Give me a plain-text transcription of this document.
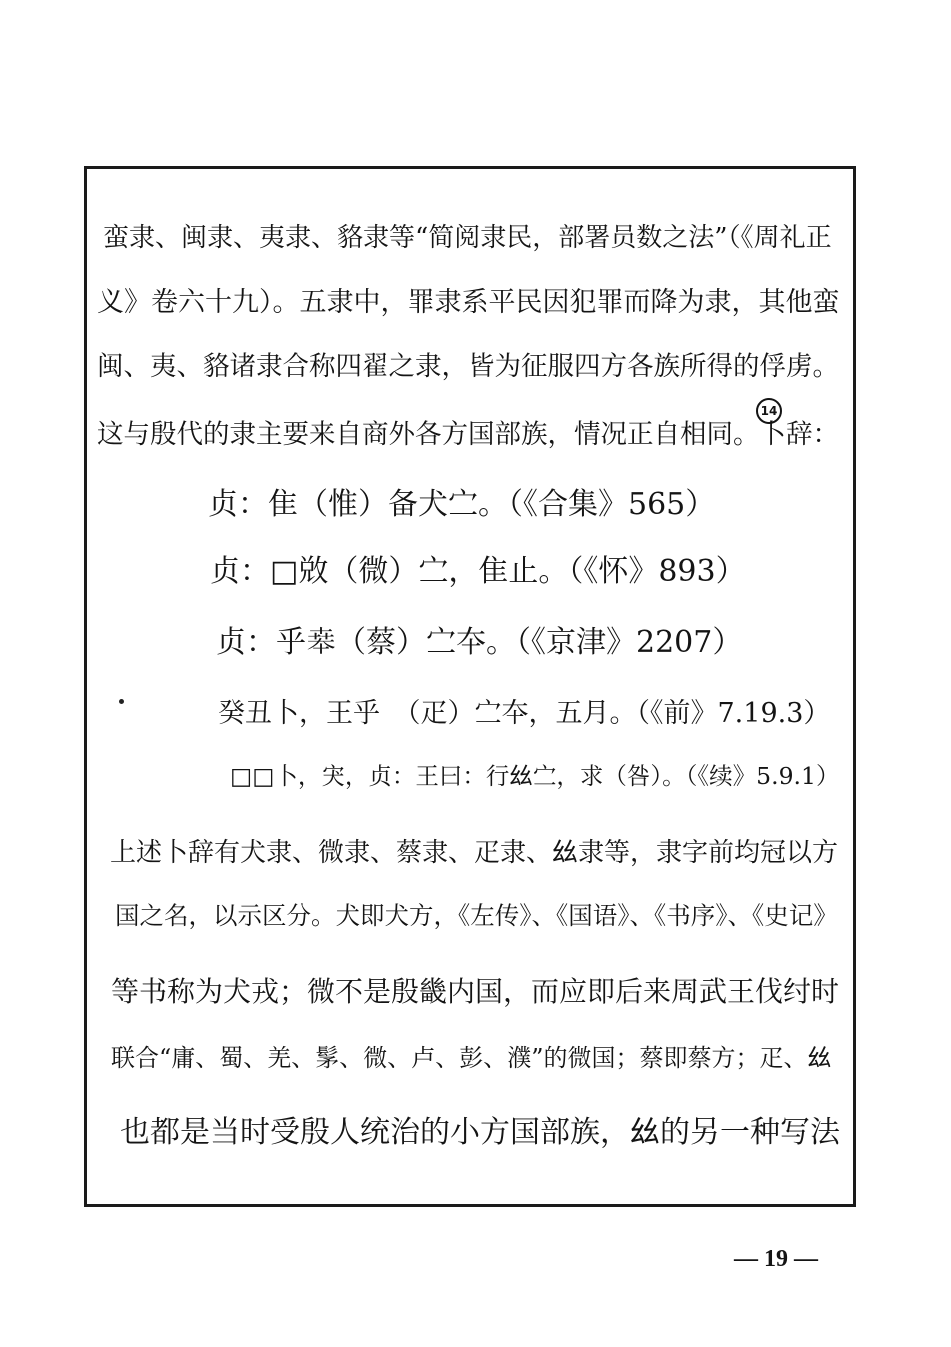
蛮隶、闽隶、夷隶、貉隶等“简阅隶民，部署员数之法”（《周礼正
义》卷六十九）。五隶中，罪隶系平民因犯罪而降为隶，其他蛮
闽、夷、貉诸隶合称四翟之隶，皆为征服四方各族所得的俘虏。
这与殷代的隶主要来自商外各方国部族，情况正自相同。卜辞：
14
贞：隹（惟）备犬㝉。（《合集》565）
贞：□敚（微）㝉，隹止。（《怀》893）
贞：乎𠦪（蔡）㝉夲。（《京津》2207）
癸丑卜，王乎　（疋）㝉夲，五月。（《前》7.19.3）
□□卜，宊，贞：王曰：行𢆶㝉，求（咎）。（《续》5.9.1）
上述卜辞有犬隶、微隶、蔡隶、疋隶、𢆶隶等，隶字前均冠以方
国之名，以示区分。犬即犬方，《左传》、《国语》、《书序》、《史记》
等书称为犬戎；微不是殷畿内国，而应即后来周武王伐纣时
联合“庸、蜀、羌、髳、微、卢、彭、濮”的微国；蔡即蔡方；疋、𢆶
也都是当时受殷人统治的小方国部族，𢆶的另一种写法
— 19 —
